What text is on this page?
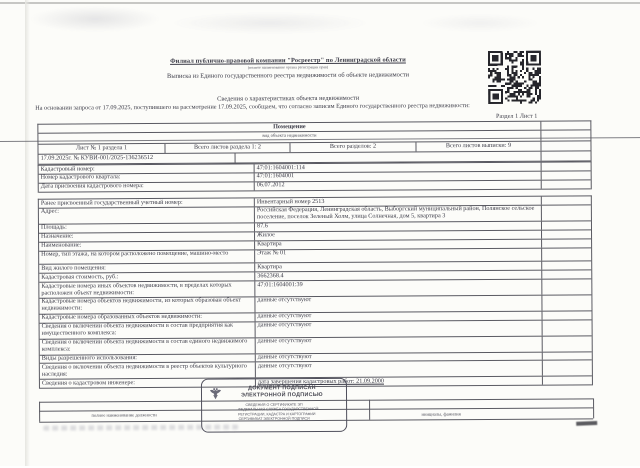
Филиал публично-правовой компании "Росреестр" по Ленинградской области
(полное наименование органа регистрации прав)
Выписка из Единого государственного реестра недвижимости об объекте недвижимости
Сведения о характеристиках объекта недвижимости
На основании запроса от 17.09.2025, поступившего на рассмотрение 17.09.2025, сообщаем, что согласно записям Единого государственного реестра недвижимости:
Раздел 1 Лист 1
Помещение
вид объекта недвижимости
Лист № 1 раздела 1	Всего листов раздела 1: 2	Всего разделов: 2	Всего листов выписки: 9
17.09.2025г. № КУВИ-001/2025-136236512
Кадастровый номер:	47:01:1604001:114
Номер кадастрового квартала:	47:01:1604001
Дата присвоения кадастрового номера:	06.07.2012
Ранее присвоенный государственный учетный номер:	Инвентарный номер 2513
Адрес:	Российская Федерация, Ленинградская область, Выборгский муниципальный район, Полянское сельское поселение, поселок Зеленый Холм, улица Солнечная, дом 5, квартира 3
Площадь:	87.6
Назначение:	Жилое
Наименование:	Квартира
Номер, тип этажа, на котором расположено помещение, машино-место	Этаж № 01
Вид жилого помещения:	Квартира
Кадастровая стоимость, руб.:	3662368.4
Кадастровые номера иных объектов недвижимости, в пределах которых расположен объект недвижимости:
47:01:1604001:39
Кадастровые номера объектов недвижимости, из которых образован объект недвижимости:
данные отсутствуют
Кадастровые номера образованных объектов недвижимости:	данные отсутствуют
Сведения о включении объекта недвижимости в состав предприятия как имущественного комплекса:
данные отсутствуют
Сведения о включении объекта недвижимости в состав единого недвижимого комплекса:
данные отсутствуют
Виды разрешенного использования:	данные отсутствуют
Сведения о включении объекта недвижимости в реестр объектов культурного наследия:
данные отсутствуют
Сведения о кадастровом инженере:	дата завершения кадастровых работ: 21.09.2000
полное наименование должности	инициалы, фамилия
ДОКУМЕНТ ПОДПИСАН
ЭЛЕКТРОННОЙ ПОДПИСЬЮ
СВЕДЕНИЯ О СЕРТИФИКАТЕ ЭП
ФЕДЕРАЛЬНАЯ СЛУЖБА ГОСУДАРСТВЕННОЙ
РЕГИСТРАЦИИ, КАДАСТРА И КАРТОГРАФИИ
СЕРТИФИКАТ ЭЛЕКТРОННОЙ ПОДПИСИ
